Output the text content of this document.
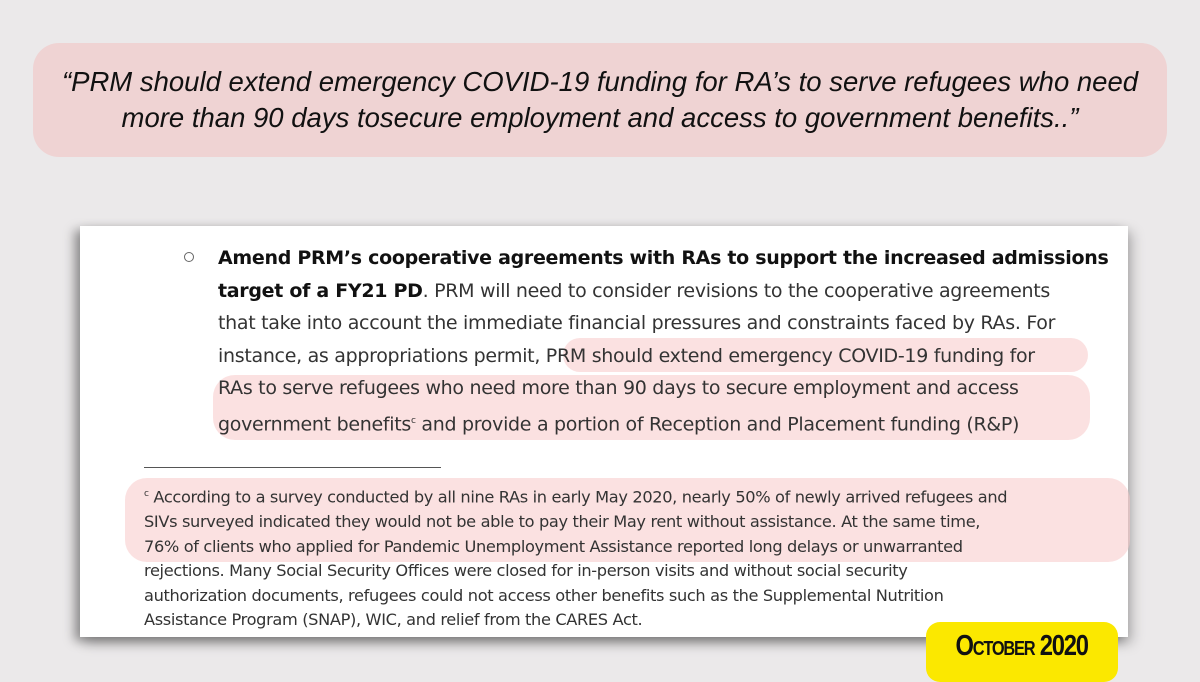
“PRM should extend emergency COVID-19 funding for RA’s to serve refugees who need more than 90 days tosecure employment and access to government benefits..”
Amend PRM’s cooperative agreements with RAs to support the increased admissions
target of a FY21 PD. PRM will need to consider revisions to the cooperative agreements
that take into account the immediate financial pressures and constraints faced by RAs. For
instance, as appropriations permit, PRM should extend emergency COVID-19 funding for
RAs to serve refugees who need more than 90 days to secure employment and access
government benefits$^c$ and provide a portion of Reception and Placement funding (R&P)
$^c$ According to a survey conducted by all nine RAs in early May 2020, nearly 50% of newly arrived refugees and
SIVs surveyed indicated they would not be able to pay their May rent without assistance. At the same time,
76% of clients who applied for Pandemic Unemployment Assistance reported long delays or unwarranted
rejections. Many Social Security Offices were closed for in-person visits and without social security
authorization documents, refugees could not access other benefits such as the Supplemental Nutrition
Assistance Program (SNAP), WIC, and relief from the CARES Act.
October 2020
